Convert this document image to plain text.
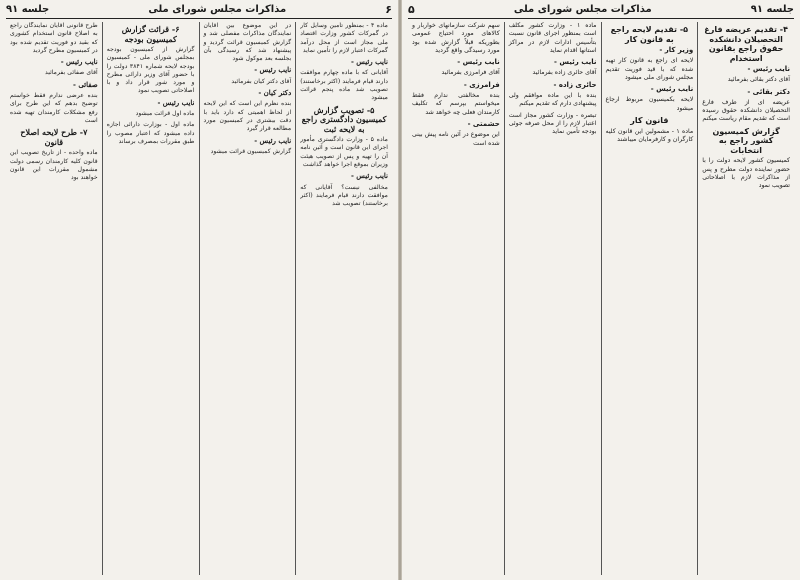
۶
مذاکرات مجلس شورای ملی
جلسه ۹۱

ماده ۴ - بمنظور تأمین وسایل کار در گمرکات کشور وزارت اقتصاد ملی مجاز است از محل درآمد گمرکات اعتبار لازم را تأمین نماید

نایب رئیس -

آقایانی که با ماده چهارم موافقت دارند قیام فرمایند (اکثر برخاستند) تصویب شد ماده پنجم قرائت میشود

۵- تصویب گزارش کمیسیون دادگستری راجع به لایحه ثبت

ماده ۵ - وزارت دادگستری مأمور اجرای این قانون است و آئین نامه آن را تهیه و پس از تصویب هیئت وزیران بموقع اجرا خواهد گذاشت

نایب رئیس -

مخالفی نیست؟ آقایانی که موافقت دارند قیام فرمایند (اکثر برخاستند) تصویب شد

در این موضوع بین آقایان نمایندگان مذاکرات مفصلی شد و گزارش کمیسیون قرائت گردید و پیشنهاد شد که رسیدگی بآن بجلسه بعد موکول شود

نایب رئیس -

آقای دکتر کیان بفرمائید

دکتر کیان -

بنده نظرم این است که این لایحه از لحاظ اهمیتی که دارد باید با دقت بیشتری در کمیسیون مورد مطالعه قرار گیرد

نایب رئیس -

گزارش کمیسیون قرائت میشود

۶- قرائت گزارش کمیسیون بودجه

گزارش از کمیسیون بودجه بمجلس شورای ملی - کمیسیون بودجه لایحه شماره ۳۸۴۱ دولت را با حضور آقای وزیر دارائی مطرح و مورد شور قرار داد و با اصلاحاتی تصویب نمود

نایب رئیس -

ماده اول قرائت میشود

ماده اول - بوزارت دارائی اجازه داده میشود که اعتبار مصوب را طبق مقررات بمصرف برساند

طرح قانونی آقایان نمایندگان راجع به اصلاح قانون استخدام کشوری که بقید دو فوریت تقدیم شده بود در کمیسیون مطرح گردید

نایب رئیس -

آقای صفائی بفرمائید

صفائی -

بنده عرضی ندارم فقط خواستم توضیح بدهم که این طرح برای رفع مشکلات کارمندان تهیه شده است

۷- طرح لایحه اصلاح قانون

ماده واحده - از تاریخ تصویب این قانون کلیه کارمندان رسمی دولت مشمول مقررات این قانون خواهند بود

جلسه ۹۱
مذاکرات مجلس شورای ملی
۵
۴- تقدیم عریضه فارغ التحصیلان دانشکده حقوق راجع بقانون استخدام

نایب رئیس -

آقای دکتر بقائی بفرمائید

دکتر بقائی -

عریضه ای از طرف فارغ التحصیلان دانشکده حقوق رسیده است که تقدیم مقام ریاست میکنم

گزارش کمیسیون کشور راجع به انتخابات

کمیسیون کشور لایحه دولت را با حضور نماینده دولت مطرح و پس از مذاکرات لازم با اصلاحاتی تصویب نمود

۵- تقدیم لایحه راجع به قانون کار

وزیر کار -

لایحه ای راجع به قانون کار تهیه شده که با قید فوریت تقدیم مجلس شورای ملی میشود

نایب رئیس -

لایحه بکمیسیون مربوط ارجاع میشود

قانون کار

ماده ۱ - مشمولین این قانون کلیه کارگران و کارفرمایان میباشند

ماده ۱ - وزارت کشور مکلف است بمنظور اجرای قانون نسبت بتأسیس ادارات لازم در مراکز استانها اقدام نماید

نایب رئیس -

آقای حائری زاده بفرمائید

حائری زاده -

بنده با این ماده موافقم ولی پیشنهادی دارم که تقدیم میکنم

تبصره - وزارت کشور مجاز است اعتبار لازم را از محل صرفه جوئی بودجه تأمین نماید

سهم شرکت سازمانهای خواربار و کالاهای مورد احتیاج عمومی بطوریکه قبلاً گزارش شده بود مورد رسیدگی واقع گردید

نایب رئیس -

آقای فرامرزی بفرمائید

فرامرزی -

بنده مخالفتی ندارم فقط میخواستم بپرسم که تکلیف کارمندان فعلی چه خواهد شد

حشمتی -

این موضوع در آئین نامه پیش بینی شده است
